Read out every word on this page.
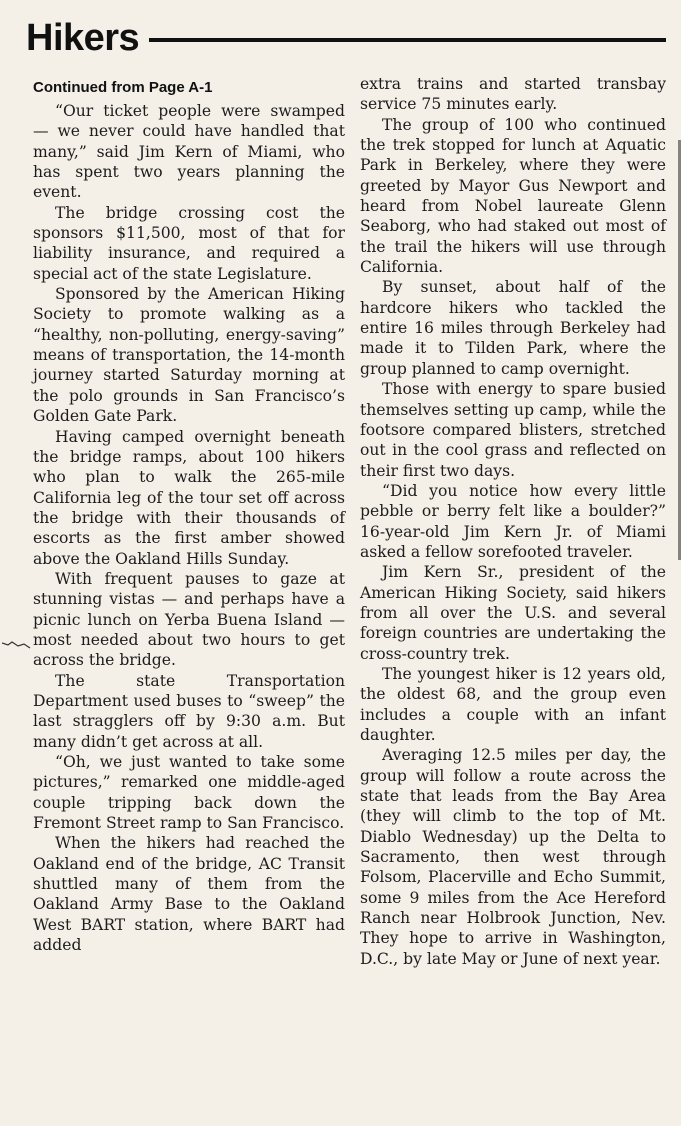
Hikers
Continued from Page A-1

“Our ticket people were swamped — we never could have handled that many,” said Jim Kern of Miami, who has spent two years planning the event.

The bridge crossing cost the sponsors $11,500, most of that for liability insurance, and required a special act of the state Legislature.

Sponsored by the American Hiking Society to promote walking as a “healthy, non-polluting, energy-saving” means of transportation, the 14-month journey started Saturday morning at the polo grounds in San Francisco’s Golden Gate Park.

Having camped overnight beneath the bridge ramps, about 100 hikers who plan to walk the 265-mile California leg of the tour set off across the bridge with their thousands of escorts as the first amber showed above the Oakland Hills Sunday.

With frequent pauses to gaze at stunning vistas — and perhaps have a picnic lunch on Yerba Buena Island — most needed about two hours to get across the bridge.

The state Transportation Department used buses to “sweep” the last stragglers off by 9:30 a.m. But many didn’t get across at all.

“Oh, we just wanted to take some pictures,” remarked one middle-aged couple tripping back down the Fremont Street ramp to San Francisco.

When the hikers had reached the Oakland end of the bridge, AC Transit shuttled many of them from the Oakland Army Base to the Oakland West BART station, where BART had added

extra trains and started transbay service 75 minutes early.

The group of 100 who continued the trek stopped for lunch at Aquatic Park in Berkeley, where they were greeted by Mayor Gus Newport and heard from Nobel laureate Glenn Seaborg, who had staked out most of the trail the hikers will use through California.

By sunset, about half of the hardcore hikers who tackled the entire 16 miles through Berkeley had made it to Tilden Park, where the group planned to camp overnight.

Those with energy to spare busied themselves setting up camp, while the footsore compared blisters, stretched out in the cool grass and reflected on their first two days.

“Did you notice how every little pebble or berry felt like a boulder?” 16-year-old Jim Kern Jr. of Miami asked a fellow sorefooted traveler.

Jim Kern Sr., president of the American Hiking Society, said hikers from all over the U.S. and several foreign countries are undertaking the cross-country trek.

The youngest hiker is 12 years old, the oldest 68, and the group even includes a couple with an infant daughter.

Averaging 12.5 miles per day, the group will follow a route across the state that leads from the Bay Area (they will climb to the top of Mt. Diablo Wednesday) up the Delta to Sacramento, then west through Folsom, Placerville and Echo Summit, some 9 miles from the Ace Hereford Ranch near Holbrook Junction, Nev. They hope to arrive in Washington, D.C., by late May or June of next year.
